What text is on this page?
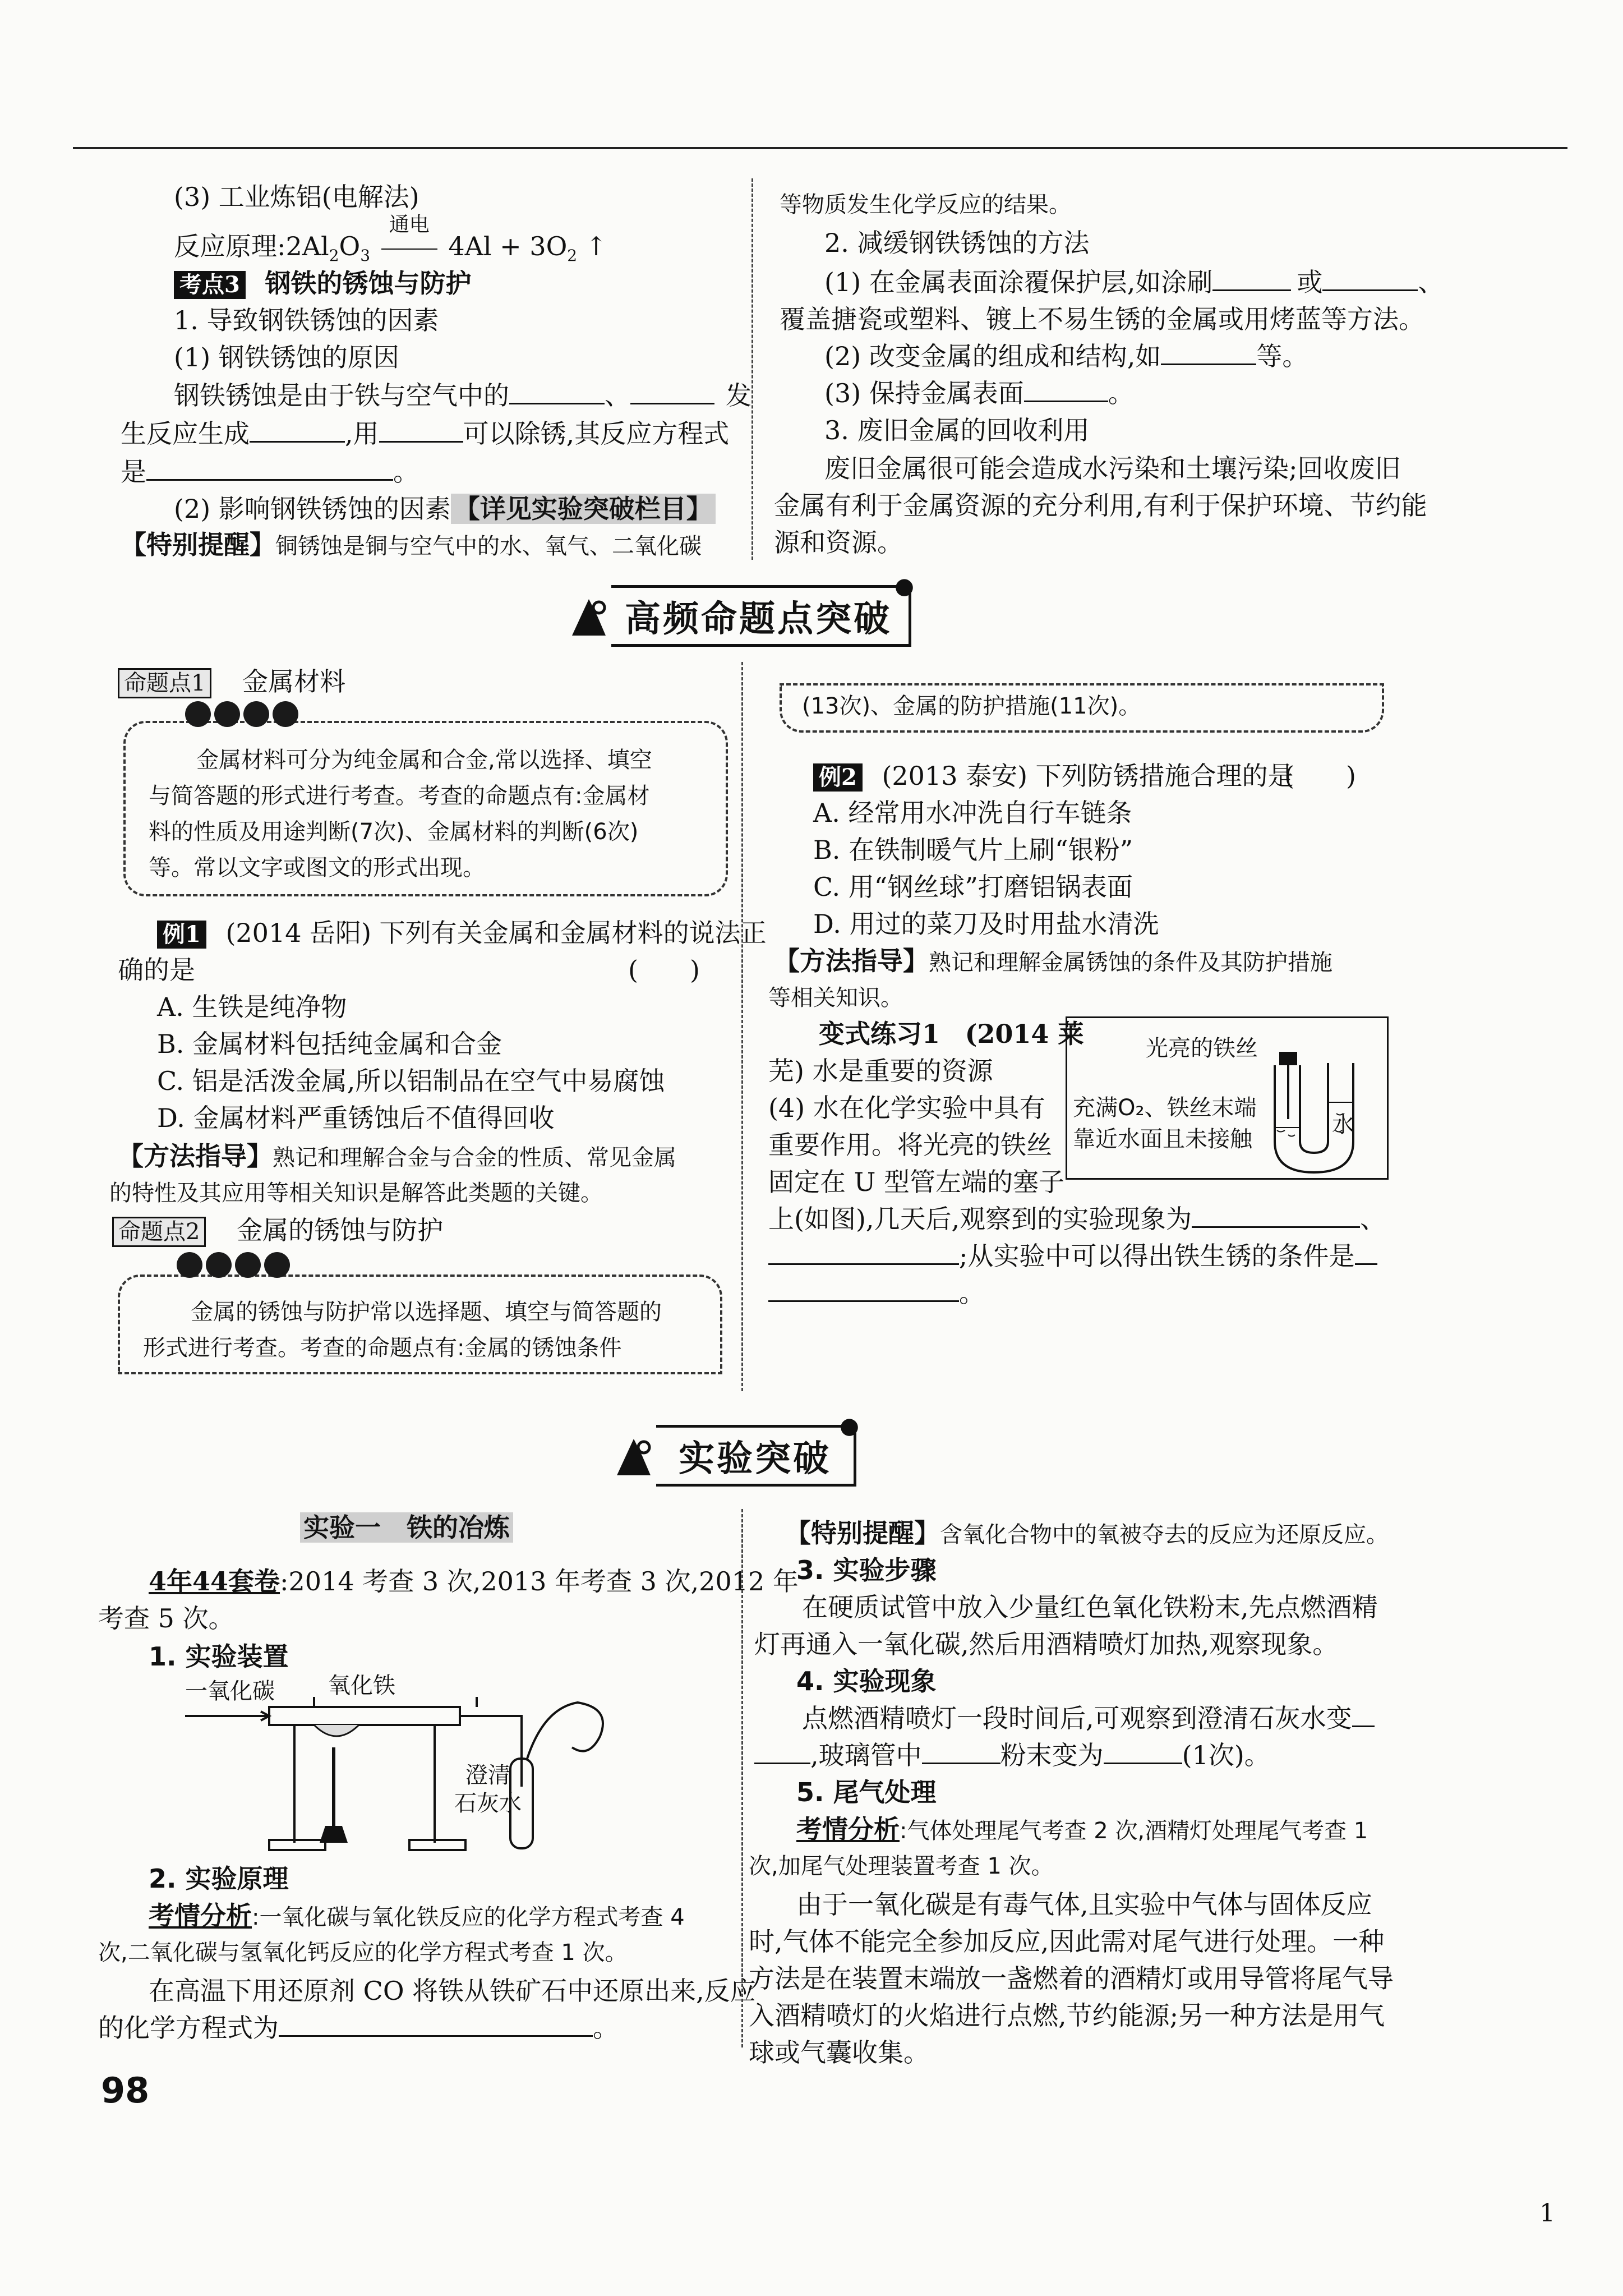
(3) 工业炼铝(电解法)
反应原理$:2Al_2O_3$
通电
$4Al + 3O_2$ ↑
考点3 钢铁的锈蚀与防护
1. 导致钢铁锈蚀的因素
(1) 钢铁锈蚀的原因
钢铁锈蚀是由于铁与空气中的	、	发
生反应生成	,用	可以除锈,其反应方程式
是	。
(2) 影响钢铁锈蚀的因素 【详见实验突破栏目】
【特别提醒】铜锈蚀是铜与空气中的水、氧气、二氧化碳
等物质发生化学反应的结果。
2. 减缓钢铁锈蚀的方法
(1) 在金属表面涂覆保护层,如涂刷	或	、
覆盖搪瓷或塑料、镀上不易生锈的金属或用烤蓝等方法。
(2) 改变金属的组成和结构,如	等。
(3) 保持金属表面	。
3. 废旧金属的回收利用
废旧金属很可能会造成水污染和土壤污染;回收废旧
金属有利于金属资源的充分利用,有利于保护环境、节约能
源和资源。
高频命题点突破
●
命题点1 金属材料
金属材料可分为纯金属和合金,常以选择、填空
与简答题的形式进行考查。考查的命题点有:金属材
料的性质及用途判断(7次)、金属材料的判断(6次)
等。常以文字或图文的形式出现。
例1 (2014 岳阳) 下列有关金属和金属材料的说法正
确的是	(　　)
A. 生铁是纯净物
B. 金属材料包括纯金属和合金
C. 铝是活泼金属,所以铝制品在空气中易腐蚀
D. 金属材料严重锈蚀后不值得回收
【方法指导】熟记和理解合金与合金的性质、常见金属
的特性及其应用等相关知识是解答此类题的关键。
命题点2 金属的锈蚀与防护
金属的锈蚀与防护常以选择题、填空与简答题的
形式进行考查。考查的命题点有:金属的锈蚀条件
(13次)、金属的防护措施(11次)。
例2 (2013 泰安) 下列防锈措施合理的是
(　　)
A. 经常用水冲洗自行车链条
B. 在铁制暖气片上刷“银粉”
C. 用“钢丝球”打磨铝锅表面
D. 用过的菜刀及时用盐水清洗
【方法指导】熟记和理解金属锈蚀的条件及其防护措施
等相关知识。
变式练习1 (2014 莱
芜) 水是重要的资源
(4) 水在化学实验中具有
重要作用。将光亮的铁丝
固定在 U 型管左端的塞子
上(如图),几天后,观察到的实验现象为	、
;从实验中可以得出铁生锈的条件是
。
光亮的铁丝
充满O₂、铁丝末端
靠近水面且未接触
水
实验突破
●
实验一　铁的冶炼
4年44套卷:2014 考查 3 次,2013 年考查 3 次,2012 年
考查 5 次。
1. 实验装置
一氧化碳 氧化铁
澄清
石灰水
2. 实验原理
考情分析:一氧化碳与氧化铁反应的化学方程式考查 4
次,二氧化碳与氢氧化钙反应的化学方程式考查 1 次。
在高温下用还原剂 CO 将铁从铁矿石中还原出来,反应
的化学方程式为	。
【特别提醒】含氧化合物中的氧被夺去的反应为还原反应。
3. 实验步骤
在硬质试管中放入少量红色氧化铁粉末,先点燃酒精
灯再通入一氧化碳,然后用酒精喷灯加热,观察现象。
4. 实验现象
点燃酒精喷灯一段时间后,可观察到澄清石灰水变
,玻璃管中	粉末变为	(1次)。
5. 尾气处理
考情分析:气体处理尾气考查 2 次,酒精灯处理尾气考查 1
次,加尾气处理装置考查 1 次。
由于一氧化碳是有毒气体,且实验中气体与固体反应
时,气体不能完全参加反应,因此需对尾气进行处理。一种
方法是在装置末端放一盏燃着的酒精灯或用导管将尾气导
入酒精喷灯的火焰进行点燃,节约能源;另一种方法是用气
球或气囊收集。
98
1
